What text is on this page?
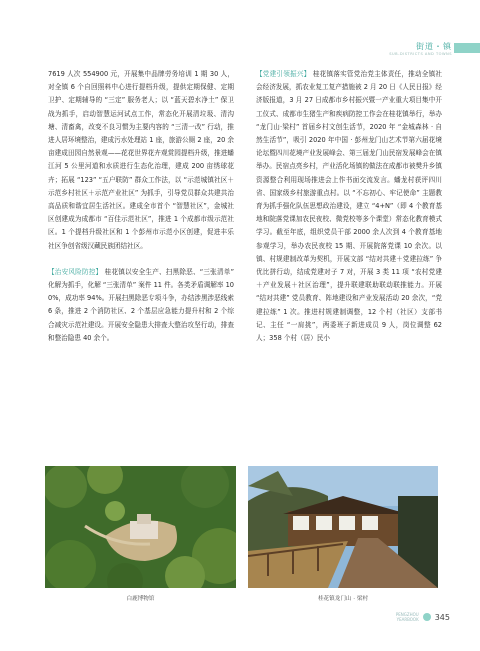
街道・镇
SUB-DISTRICTS AND TOWNS

7619 人次 554900 元，开展集中品牌劳务培训 1 期 30 人，对全镇 6 个自回照料中心进行提档升级，提供定期保健、定期卫护、定期辅导的 “三定” 服务老人；以 “蓝天碧水净土” 保卫战为抓手，启动智慧运河试点工作，常态化开展清垃圾、清沟塘、清畜禽，改变不良习惯为主要内容的 “三清一改” 行动，推进人居环境整治，建成污水处理站 1 座，旅游公厕 2 座，20 余亩建成田园自然景观——花花世界花卉观赏园提档升级，推进蟠江河 5 公里河道和水质进行生态化治理，建成 200 亩绣球花卉；拓展 “123” “五户联防” 群众工作法，以 “示范城镇社区＋示范乡村社区＋示范产业社区” 为抓手，引导党员群众共建共治高品质和谐宜居生活社区。建成全市首个 “智慧社区”，金城社区创建成为成都市 “百佳示范社区”，推进 1 个成都市级示范社区。1 个提档升级社区和 1 个彭州市示范小区创建，促进丰乐社区争创省级汉藏民族团结社区。

【治安风险防控】 桂花镇以安全生产、扫黑除恶、“三张清单” 化解为抓手，化解 “三张清单” 案件 11 件。各类矛盾调解率 100%，成功率 94%。开展扫黑除恶专项斗争，办结涉黑涉恶线索 6 条，推进 2 个消防社区、2 个基层应急能力提升村和 2 个综合减灾示范社建设。开展安全隐患大排查大整治攻坚行动，排查和整治隐患 40 余个。

【党建引领振兴】 桂花镇落实管党治党主体责任，推动全镇社会经济发展，抓农业复工复产措施被 2 月 20 日《人民日报》经济版报道，3 月 27 日成都市乡村振兴暨一产业重大项目集中开工仪式、成都市生猪生产和疾病防控工作会在桂花镇举行，举办 “龙门山·梁村” 首届乡村文创生活节，2020 年 “金城森林 · 自然生活节”，吸引 2020 年中国 · 彭州龙门山艺术节第六届花境论坛暨四川花境产业发展峰会、第三届龙门山民宿发展峰会在镇举办。民宿点亮乡村，产业活化场镇的做法在成都市被樊升乡镇资源整合利用现场推进会上作书面交流发言。蟠龙村获评四川省、国家级乡村旅游重点村。以 “不忘初心、牢记使命” 主题教育为抓手强化队伍思想政治建设，建立 “4+N”（即 4 个教育基地和院落党课加农民夜校、微党校等多个课堂）常态化教育模式学习。截至年底，组织党员干部 2000 余人次到 4 个教育基地参观学习，举办农民夜校 15 期、开展院落党课 10 余次。以镇、村规建制改革为契机，开展文部 “结对共建＋党建拉练” 争优比拼行动，结成党建对子 7 对，开展 3 类 11 项 “农村党建＋产业发展＋社区治理”，提升联建联助联动联推能力。开展 “结对共建” 党员教育、阵地建设和产业发展活动 20 余次，“党建拉练” 1 次。推进村规建制调整，12 个村（社区）支部书记、主任 “一肩挑”，两委班子新进成员 9 人，岗位调整 62 人；358 个村（居）民小

白鹿博物馆	桂花镇龙门山 · 梁村
PENGZHOU
YEARBOOK 345
